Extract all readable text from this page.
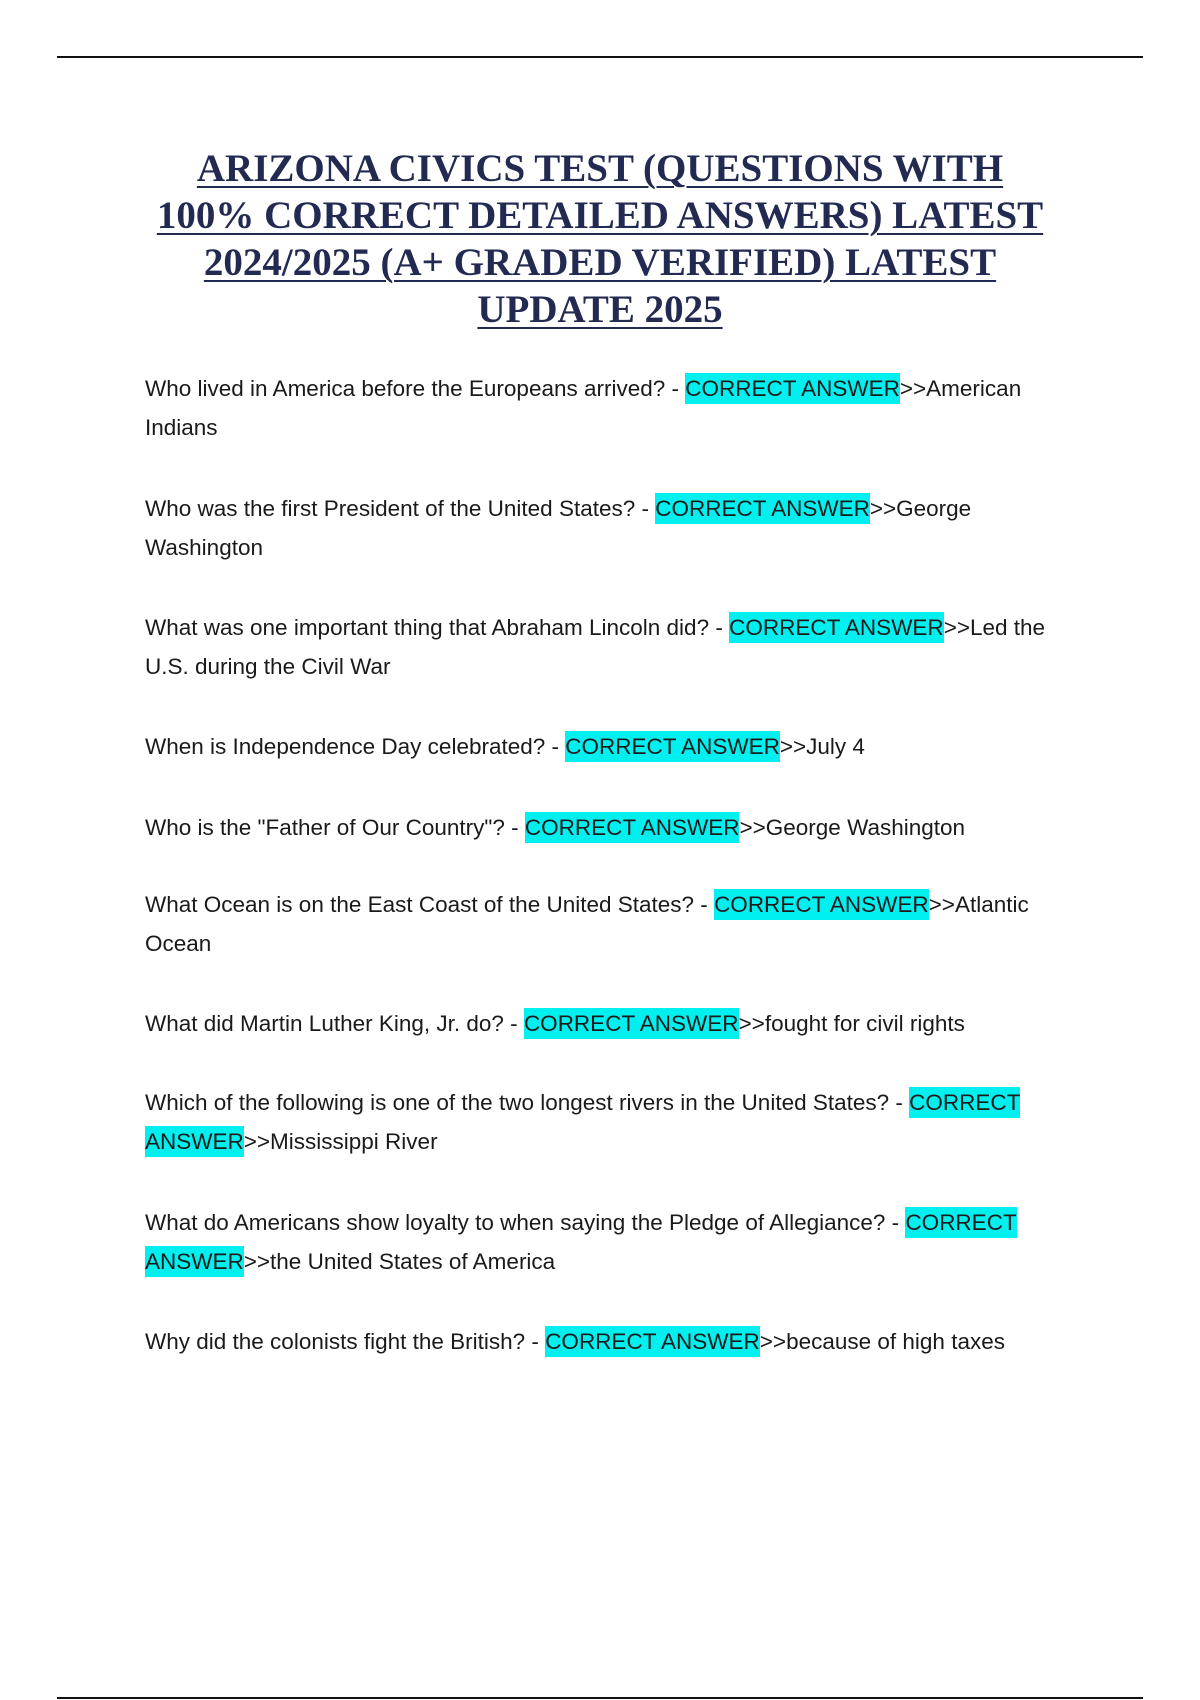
ARIZONA CIVICS TEST (QUESTIONS WITH
100% CORRECT DETAILED ANSWERS) LATEST
2024/2025 (A+ GRADED VERIFIED) LATEST
UPDATE 2025
Who lived in America before the Europeans arrived? - CORRECT ANSWER>>American Indians
Who was the first President of the United States? - CORRECT ANSWER>>George Washington
What was one important thing that Abraham Lincoln did? - CORRECT ANSWER>>Led the U.S. during the Civil War
When is Independence Day celebrated? - CORRECT ANSWER>>July 4
Who is the "Father of Our Country"? - CORRECT ANSWER>>George Washington
What Ocean is on the East Coast of the United States? - CORRECT ANSWER>>Atlantic Ocean
What did Martin Luther King, Jr. do? - CORRECT ANSWER>>fought for civil rights
Which of the following is one of the two longest rivers in the United States? - CORRECT ANSWER>>Mississippi River
What do Americans show loyalty to when saying the Pledge of Allegiance? - CORRECT ANSWER>>the United States of America
Why did the colonists fight the British? - CORRECT ANSWER>>because of high taxes
